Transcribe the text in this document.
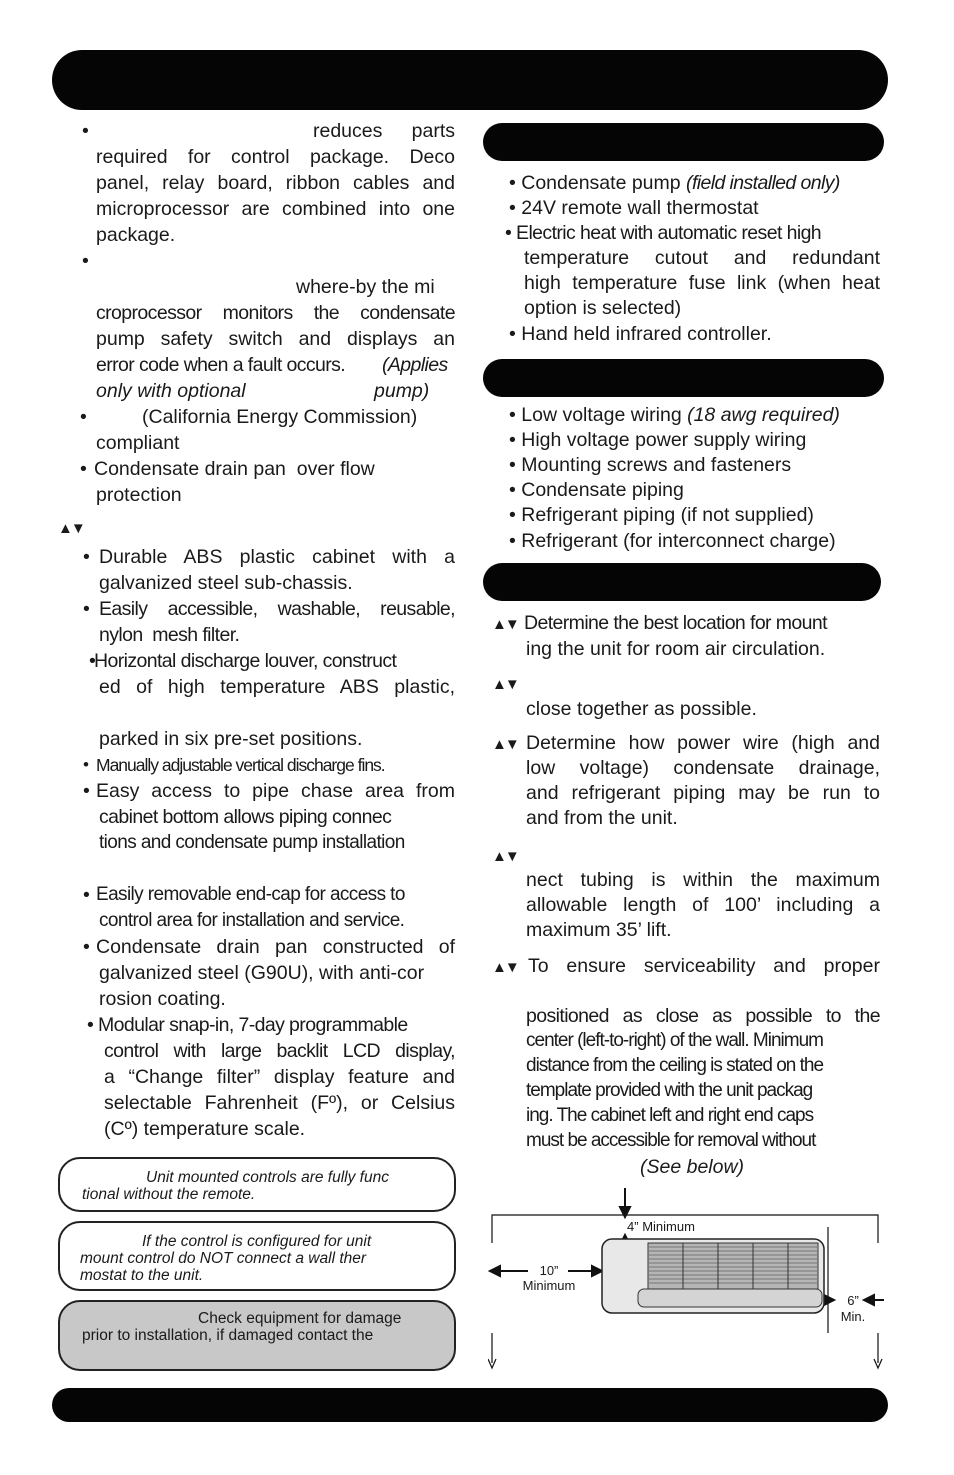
•	reduces parts
required for control package. Deco
panel, relay board, ribbon cables and
microprocessor are combined into one
package.
•
where-by the mi
croprocessor monitors the condensate
pump safety switch and displays an
error code when a fault occurs. (Applies
only with optional	pump)
•	(California Energy Commission)
compliant
• Condensate drain pan  over flow
protection
▲▼
• Durable ABS plastic cabinet with a
galvanized steel sub-chassis.
• Easily accessible, washable, reusable,
nylon  mesh filter.
•
Horizontal discharge louver, construct
ed of high temperature ABS plastic,
parked in six pre-set positions.
• Manually adjustable vertical discharge fins.
• Easy access to pipe chase area from
cabinet bottom allows piping connec
tions and condensate pump installation
• Easily removable end-cap for access to
control area for installation and service.
• Condensate drain pan constructed of
galvanized steel (G90U), with anti-cor
rosion coating.
• Modular snap-in, 7-day programmable
control with large backlit LCD display,
a “Change filter” display feature and
selectable Fahrenheit (Fº), or Celsius
(Cº) temperature scale.
Unit mounted controls are fully func
tional without the remote.
If the control is configured for unit
mount control do NOT connect a wall ther
mostat to the unit.
Check equipment for damage
prior to installation, if damaged contact the
• Condensate pump (field installed only)
• 24V remote wall thermostat
• Electric heat with automatic reset high
temperature cutout and redundant
high temperature fuse link (when heat
option is selected)
• Hand held infrared controller.
• Low voltage wiring (18 awg required)
• High voltage power supply wiring
• Mounting screws and fasteners
• Condensate piping
• Refrigerant piping (if not supplied)
• Refrigerant (for interconnect charge)
▲▼ Determine the best location for mount
ing the unit for room air circulation.
▲▼
close together as possible.
▲▼ Determine how power wire (high and
low voltage) condensate drainage,
and refrigerant piping may be run to
and from the unit.
▲▼
nect tubing is within the maximum
allowable length of 100’ including a
maximum 35’ lift.
▲▼ To ensure serviceability and proper
positioned as close as possible to the
center (left-to-right) of the wall. Minimum
distance from the ceiling is stated on the
template provided with the unit packag
ing. The cabinet left and right end caps
must be accessible for removal without
(See below)
4” Minimum
10”
Minimum
6”
Min.
